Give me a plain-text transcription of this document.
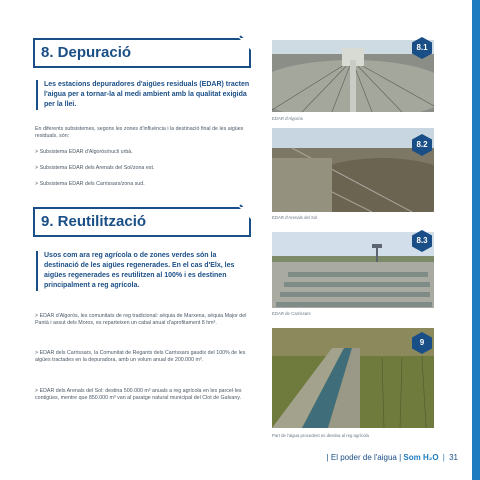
8. Depuració
Les estacions depuradores d'aigües residuals (EDAR) tracten l'aigua per a tornar-la al medi ambient amb la qualitat exigida per la llei.
En diferents subsistemes, segons les zones d'influència i la destinació final de les aigües residuals, són:
> Subsistema EDAR d'Algorós/nucli urbà.
> Subsistema EDAR dels Arenals del Sol/zona est.
> Subsistema EDAR dels Carrissars/zona sud.
9. Reutilització
Usos com ara reg agrícola o de zones verdes són la destinació de les aigües regenerades. En el cas d'Elx, les aigües regenerades es reutilitzen al 100% i es destinen principalment a reg agrícola.
> EDAR d'Algorós, les comunitats de reg tradicional: sèquia de Marxena, sèquia Major del Pantà i assut dels Moros, es reparteixen un cabal anual d'aprofitament 8 hm³.
> EDAR dels Carrissars, la Comunitat de Regants dels Carrissars gaudix del 100% de les aigües tractades en la depuradora, amb un volum anual de 200.000 m³.
> EDAR dels Arenals del Sol: destina 500.000 m³ anuals a reg agrícola en les parcel·les contigües, mentre que 850.000 m³ van al paratge natural municipal del Clot de Galvany.
EDAR d'Algorós
EDAR d'Arenals del Sol
EDAR de Carrissars
Part de l'aigua procedent es destina al reg agrícola
8.1
8.2
8.3
9
| El poder de l'aigua | Som H₂O | 31
